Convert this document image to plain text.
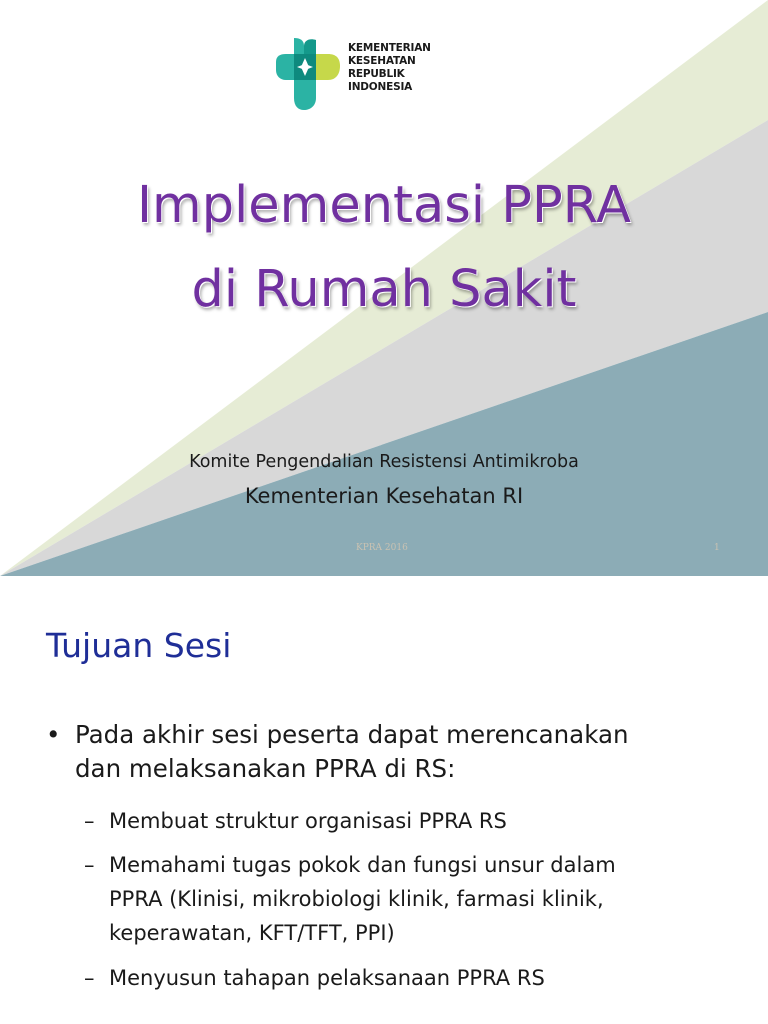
KEMENTERIAN
KESEHATAN
REPUBLIK
INDONESIA
Implementasi PPRA
di Rumah Sakit
Komite Pengendalian Resistensi Antimikroba
Kementerian Kesehatan RI
KPRA 2016	1
Tujuan Sesi
• Pada akhir sesi peserta dapat merencanakan
dan melaksanakan PPRA di RS:
– Membuat struktur organisasi PPRA RS
– Memahami tugas pokok dan fungsi unsur dalam
PPRA (Klinisi, mikrobiologi klinik, farmasi klinik,
keperawatan, KFT/TFT, PPI)
– Menyusun tahapan pelaksanaan PPRA RS
